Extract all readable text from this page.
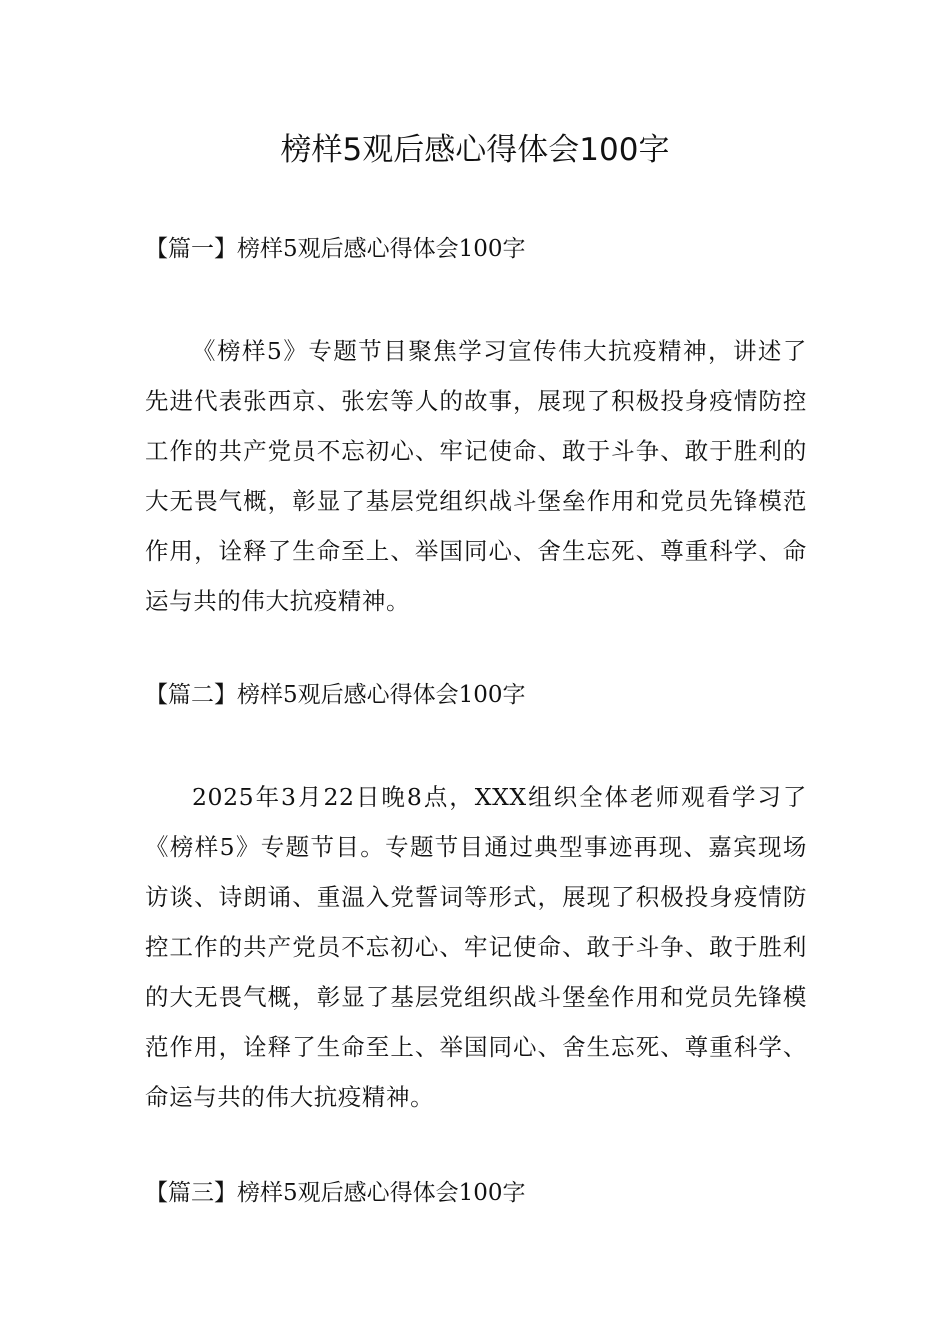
榜样5观后感心得体会100字
【篇一】榜样5观后感心得体会100字

《榜样5》专题节目聚焦学习宣传伟大抗疫精神，讲述了先进代表张西京、张宏等人的故事，展现了积极投身疫情防控工作的共产党员不忘初心、牢记使命、敢于斗争、敢于胜利的大无畏气概，彰显了基层党组织战斗堡垒作用和党员先锋模范作用，诠释了生命至上、举国同心、舍生忘死、尊重科学、命运与共的伟大抗疫精神。

【篇二】榜样5观后感心得体会100字

2025年3月22日晚8点，XXX组织全体老师观看学习了《榜样5》专题节目。专题节目通过典型事迹再现、嘉宾现场访谈、诗朗诵、重温入党誓词等形式，展现了积极投身疫情防控工作的共产党员不忘初心、牢记使命、敢于斗争、敢于胜利的大无畏气概，彰显了基层党组织战斗堡垒作用和党员先锋模范作用，诠释了生命至上、举国同心、舍生忘死、尊重科学、命运与共的伟大抗疫精神。

【篇三】榜样5观后感心得体会100字
